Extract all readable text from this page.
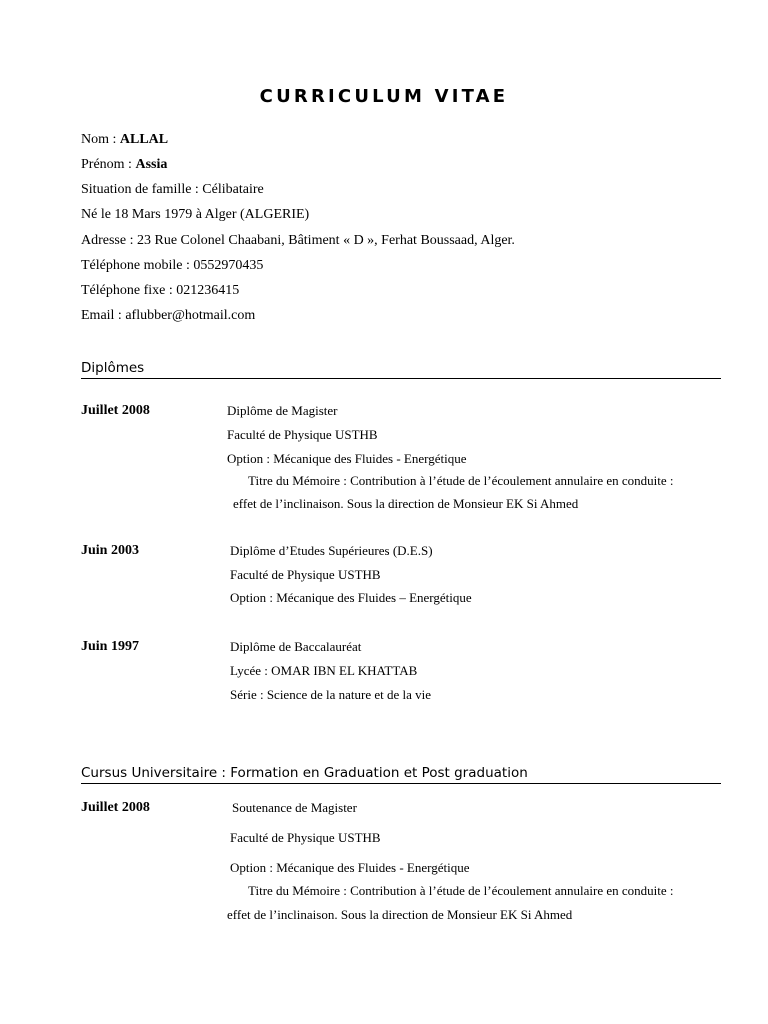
CURRICULUM VITAE
Nom : ALLAL
Prénom : Assia
Situation de famille : Célibataire
Né le 18 Mars 1979 à Alger (ALGERIE)
Adresse : 23 Rue Colonel Chaabani, Bâtiment « D », Ferhat Boussaad, Alger.
Téléphone mobile : 0552970435
Téléphone fixe : 021236415
Email : aflubber@hotmail.com
Diplômes
Juillet 2008	Diplôme de Magister
Faculté de Physique USTHB
Option : Mécanique des Fluides - Energétique
Titre du Mémoire : Contribution à l’étude de l’écoulement annulaire en conduite :
effet de l’inclinaison. Sous la direction de Monsieur EK Si Ahmed
Juin 2003	Diplôme d’Etudes Supérieures (D.E.S)
Faculté de Physique USTHB
Option : Mécanique des Fluides – Energétique
Juin 1997	Diplôme de Baccalauréat
Lycée : OMAR IBN EL KHATTAB
Série : Science de la nature et de la vie
Cursus Universitaire : Formation en Graduation et Post graduation
Juillet 2008	Soutenance de Magister
Faculté de Physique USTHB
Option : Mécanique des Fluides - Energétique
Titre du Mémoire : Contribution à l’étude de l’écoulement annulaire en conduite :
effet de l’inclinaison. Sous la direction de Monsieur EK Si Ahmed
